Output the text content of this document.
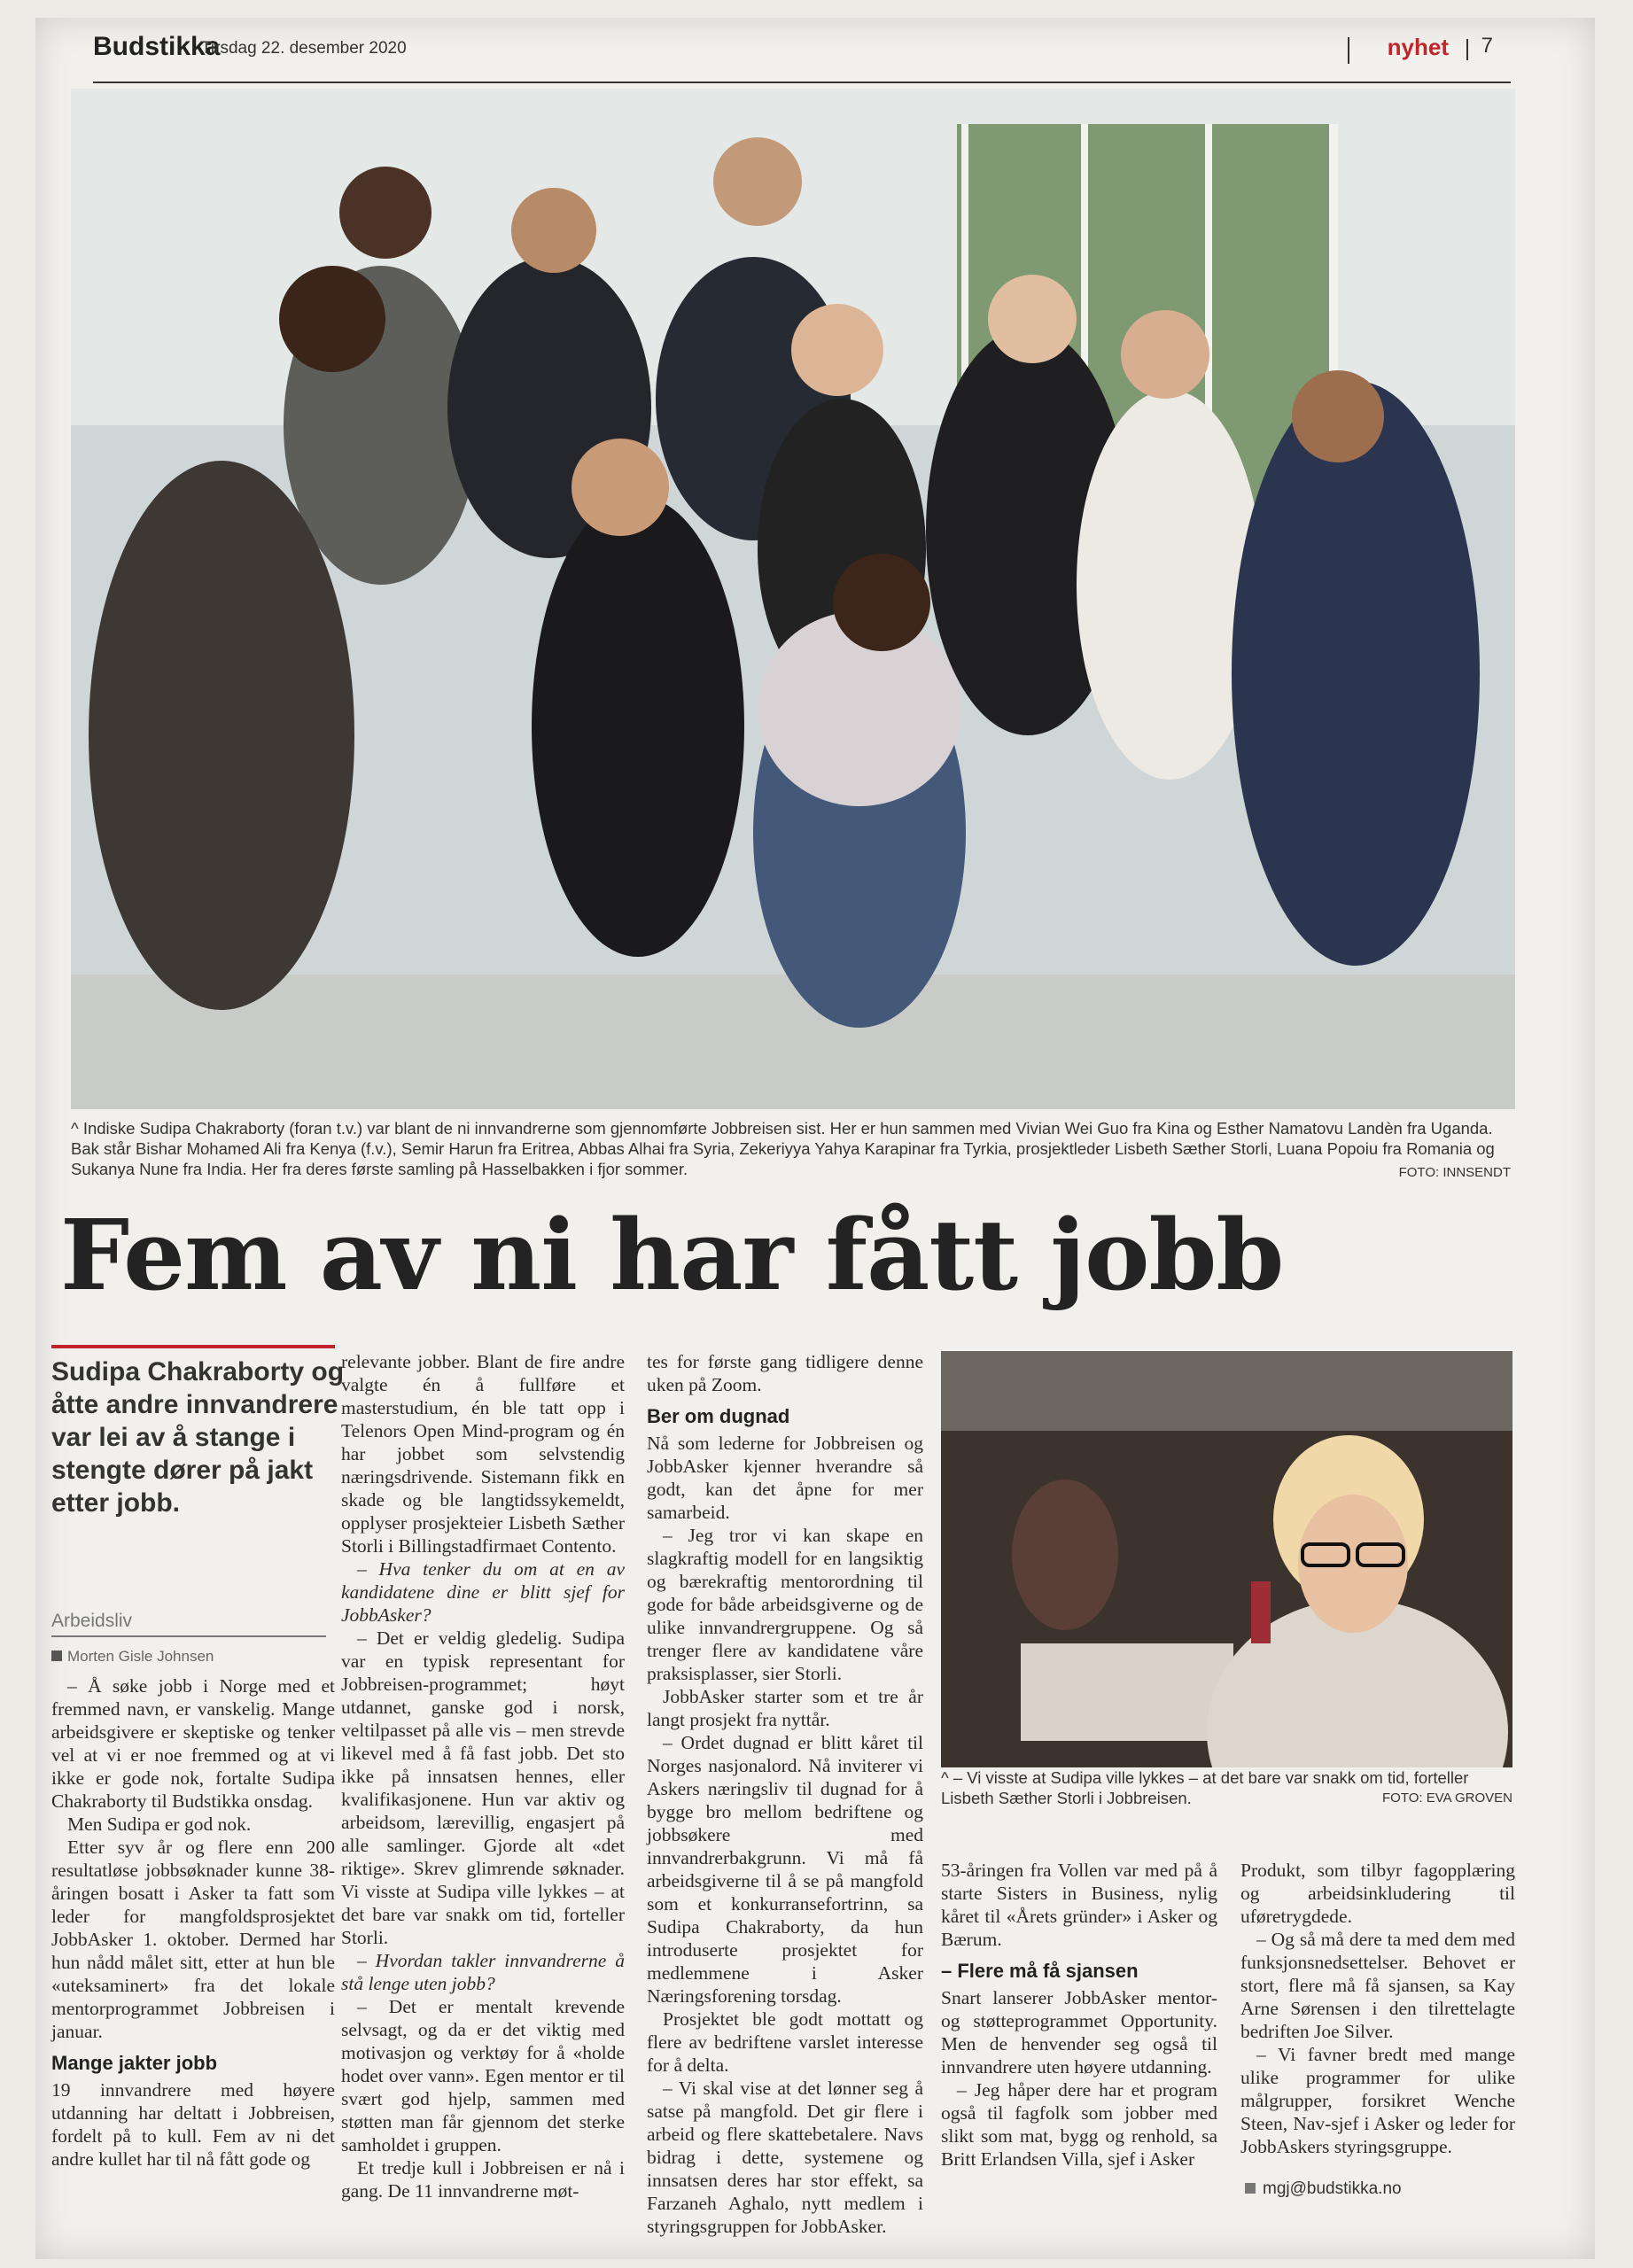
Budstikka
Tirsdag 22. desember 2020	nyhet 7
^ Indiske Sudipa Chakraborty (foran t.v.) var blant de ni innvandrerne som gjennomførte Jobbreisen sist. Her er hun sammen med Vivian Wei Guo fra Kina og Esther Namatovu Landèn fra Uganda. Bak står Bishar Mohamed Ali fra Kenya (f.v.), Semir Harun fra Eritrea, Abbas Alhai fra Syria, Zekeriyya Yahya Karapinar fra Tyrkia, prosjektleder Lisbeth Sæther Storli, Luana Popoiu fra Romania og Sukanya Nune fra India. Her fra deres første samling på Hasselbakken i fjor sommer.	FOTO: INNSENDT
Fem av ni har fått jobb
Sudipa Chakraborty og åtte andre innvandrere var lei av å stange i stengte dører på jakt etter jobb.
Arbeidsliv
Morten Gisle Johnsen

– Å søke jobb i Norge med et fremmed navn, er vanskelig. Mange arbeidsgivere er skeptiske og tenker vel at vi er noe fremmed og at vi ikke er gode nok, fortalte Sudipa Chakraborty til Budstikka onsdag.

Men Sudipa er god nok.

Etter syv år og flere enn 200 resultatløse jobbsøknader kunne 38-åringen bosatt i Asker ta fatt som leder for mangfoldsprosjektet JobbAsker 1. oktober. Dermed har hun nådd målet sitt, etter at hun ble «uteksaminert» fra det lokale mentorprogrammet Jobbreisen i januar.

Mange jakter jobb

19 innvandrere med høyere utdanning har deltatt i Jobbreisen, fordelt på to kull. Fem av ni det andre kullet har til nå fått gode og

relevante jobber. Blant de fire andre valgte én å fullføre et masterstudium, én ble tatt opp i Telenors Open Mind-program og én har jobbet som selvstendig næringsdrivende. Sistemann fikk en skade og ble langtidssykemeldt, opplyser prosjekteier Lisbeth Sæther Storli i Billingstadfirmaet Contento.

– Hva tenker du om at en av kandidatene dine er blitt sjef for JobbAsker?

– Det er veldig gledelig. Sudipa var en typisk representant for Jobbreisen-programmet; høyt utdannet, ganske god i norsk, veltilpasset på alle vis – men strevde likevel med å få fast jobb. Det sto ikke på innsatsen hennes, eller kvalifikasjonene. Hun var aktiv og arbeidsom, lærevillig, engasjert på alle samlinger. Gjorde alt «det riktige». Skrev glimrende søknader. Vi visste at Sudipa ville lykkes – at det bare var snakk om tid, forteller Storli.

– Hvordan takler innvandrerne å stå lenge uten jobb?

– Det er mentalt krevende selvsagt, og da er det viktig med motivasjon og verktøy for å «holde hodet over vann». Egen mentor er til svært god hjelp, sammen med støtten man får gjennom det sterke samholdet i gruppen.

Et tredje kull i Jobbreisen er nå i gang. De 11 innvandrerne møt-

tes for første gang tidligere denne uken på Zoom.

Ber om dugnad

Nå som lederne for Jobbreisen og JobbAsker kjenner hverandre så godt, kan det åpne for mer samarbeid.

– Jeg tror vi kan skape en slagkraftig modell for en langsiktig og bærekraftig mentorordning til gode for både arbeidsgiverne og de ulike innvandrergruppene. Og så trenger flere av kandidatene våre praksisplasser, sier Storli.

JobbAsker starter som et tre år langt prosjekt fra nyttår.

– Ordet dugnad er blitt kåret til Norges nasjonalord. Nå inviterer vi Askers næringsliv til dugnad for å bygge bro mellom bedriftene og jobbsøkere med innvandrerbakgrunn. Vi må få arbeidsgiverne til å se på mangfold som et konkurransefortrinn, sa Sudipa Chakraborty, da hun introduserte prosjektet for medlemmene i Asker Næringsforening torsdag.

Prosjektet ble godt mottatt og flere av bedriftene varslet interesse for å delta.

– Vi skal vise at det lønner seg å satse på mangfold. Det gir flere i arbeid og flere skattebetalere. Navs bidrag i dette, systemene og innsatsen deres har stor effekt, sa Farzaneh Aghalo, nytt medlem i styringsgruppen for JobbAsker.

^ – Vi visste at Sudipa ville lykkes – at det bare var snakk om tid, forteller Lisbeth Sæther Storli i Jobbreisen.	FOTO: EVA GROVEN

53-åringen fra Vollen var med på å starte Sisters in Business, nylig kåret til «Årets gründer» i Asker og Bærum.

– Flere må få sjansen

Snart lanserer JobbAsker mentor- og støtteprogrammet Opportunity. Men de henvender seg også til innvandrere uten høyere utdanning.

– Jeg håper dere har et program også til fagfolk som jobber med slikt som mat, bygg og renhold, sa Britt Erlandsen Villa, sjef i Asker

Produkt, som tilbyr fagopplæring og arbeidsinkludering til uføretrygdede.

– Og så må dere ta med dem med funksjonsnedsettelser. Behovet er stort, flere må få sjansen, sa Kay Arne Sørensen i den tilrettelagte bedriften Joe Silver.

– Vi favner bredt med mange ulike programmer for ulike målgrupper, forsikret Wenche Steen, Nav-sjef i Asker og leder for JobbAskers styringsgruppe.

mgj@budstikka.no
